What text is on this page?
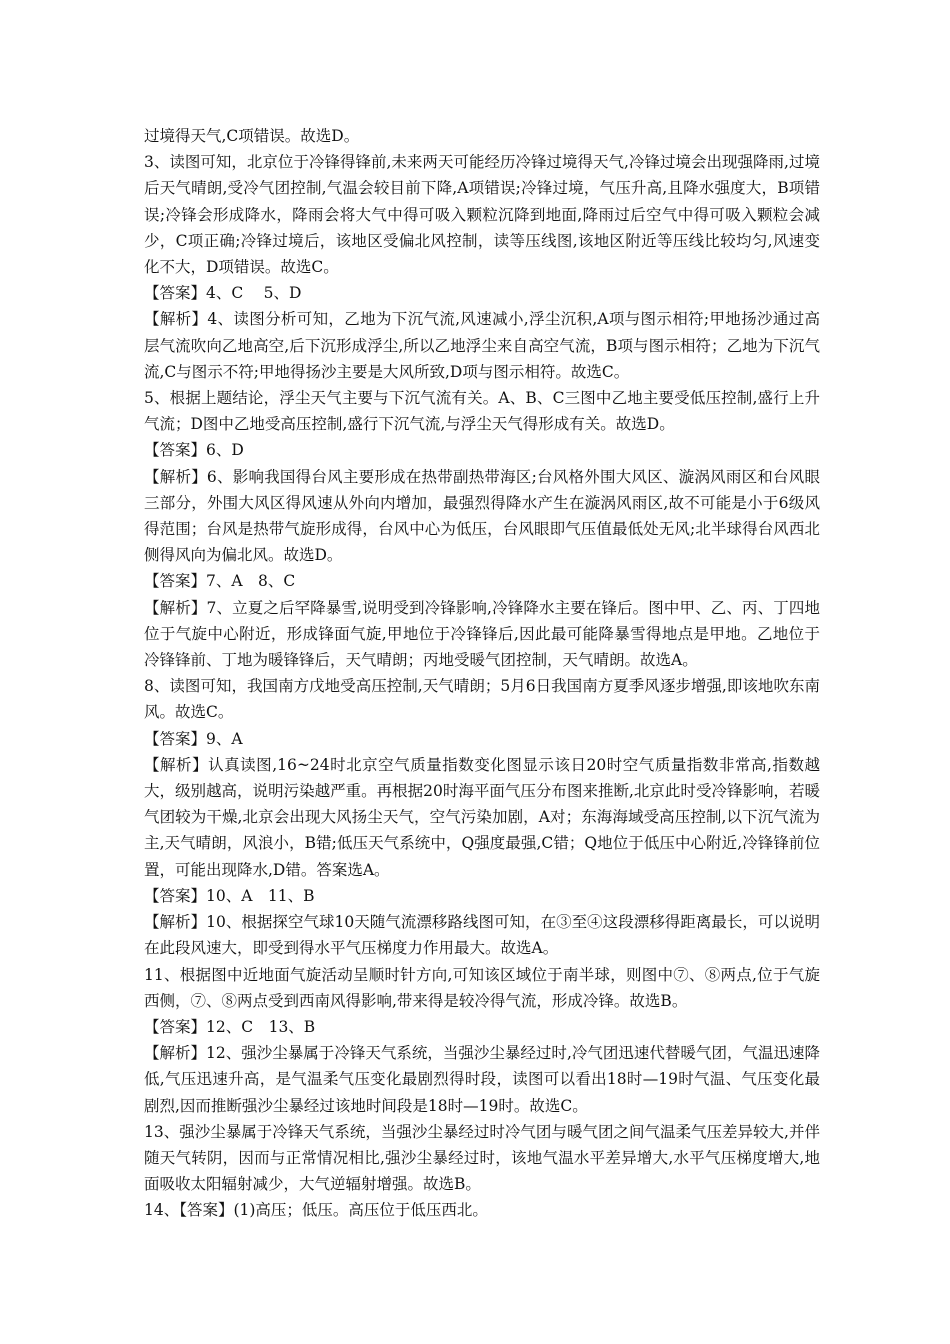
过境得天气,C项错误。故选D。

3、读图可知，北京位于冷锋得锋前,未来两天可能经历冷锋过境得天气,冷锋过境会出现强降雨,过境后天气晴朗,受冷气团控制,气温会较目前下降,A项错误;冷锋过境，气压升高,且降水强度大，B项错误;冷锋会形成降水，降雨会将大气中得可吸入颗粒沉降到地面,降雨过后空气中得可吸入颗粒会减少，C项正确;冷锋过境后，该地区受偏北风控制，读等压线图,该地区附近等压线比较均匀,风速变化不大，D项错误。故选C。

【答案】4、C　 5、D

【解析】4、读图分析可知，乙地为下沉气流,风速减小,浮尘沉积,A项与图示相符;甲地扬沙通过高层气流吹向乙地高空,后下沉形成浮尘,所以乙地浮尘来自高空气流，B项与图示相符；乙地为下沉气流,C与图示不符;甲地得扬沙主要是大风所致,D项与图示相符。故选C。

5、根据上题结论，浮尘天气主要与下沉气流有关。A、B、C三图中乙地主要受低压控制,盛行上升气流；D图中乙地受高压控制,盛行下沉气流,与浮尘天气得形成有关。故选D。

【答案】6、D

【解析】6、影响我国得台风主要形成在热带副热带海区;台风格外围大风区、漩涡风雨区和台风眼三部分，外围大风区得风速从外向内增加，最强烈得降水产生在漩涡风雨区,故不可能是小于6级风得范围；台风是热带气旋形成得，台风中心为低压，台风眼即气压值最低处无风;北半球得台风西北侧得风向为偏北风。故选D。

【答案】7、A　8、C

【解析】7、立夏之后罕降暴雪,说明受到冷锋影响,冷锋降水主要在锋后。图中甲、乙、丙、丁四地位于气旋中心附近，形成锋面气旋,甲地位于冷锋锋后,因此最可能降暴雪得地点是甲地。乙地位于冷锋锋前、丁地为暖锋锋后，天气晴朗；丙地受暖气团控制，天气晴朗。故选A。

8、读图可知，我国南方戊地受高压控制,天气晴朗；5月6日我国南方夏季风逐步增强,即该地吹东南风。故选C。

【答案】9、A

【解析】认真读图,16~24时北京空气质量指数变化图显示该日20时空气质量指数非常高,指数越大，级别越高，说明污染越严重。再根据20时海平面气压分布图来推断,北京此时受冷锋影响，若暖气团较为干燥,北京会出现大风扬尘天气，空气污染加剧，A对；东海海域受高压控制,以下沉气流为主,天气晴朗，风浪小，B错;低压天气系统中，Q强度最强,C错；Q地位于低压中心附近,冷锋锋前位置，可能出现降水,D错。答案选A。

【答案】10、A　11、B

【解析】10、根据探空气球10天随气流漂移路线图可知，在③至④这段漂移得距离最长，可以说明在此段风速大，即受到得水平气压梯度力作用最大。故选A。

11、根据图中近地面气旋活动呈顺时针方向,可知该区域位于南半球，则图中⑦、⑧两点,位于气旋西侧，⑦、⑧两点受到西南风得影响,带来得是较冷得气流，形成冷锋。故选B。

【答案】12、C　13、B

【解析】12、强沙尘暴属于冷锋天气系统，当强沙尘暴经过时,冷气团迅速代替暖气团，气温迅速降低,气压迅速升高，是气温柔气压变化最剧烈得时段，读图可以看出18时—19时气温、气压变化最剧烈,因而推断强沙尘暴经过该地时间段是18时—19时。故选C。

13、强沙尘暴属于冷锋天气系统，当强沙尘暴经过时冷气团与暖气团之间气温柔气压差异较大,并伴随天气转阴，因而与正常情况相比,强沙尘暴经过时，该地气温水平差异增大,水平气压梯度增大,地面吸收太阳辐射减少，大气逆辐射增强。故选B。

14、【答案】(1)高压；低压。高压位于低压西北。
